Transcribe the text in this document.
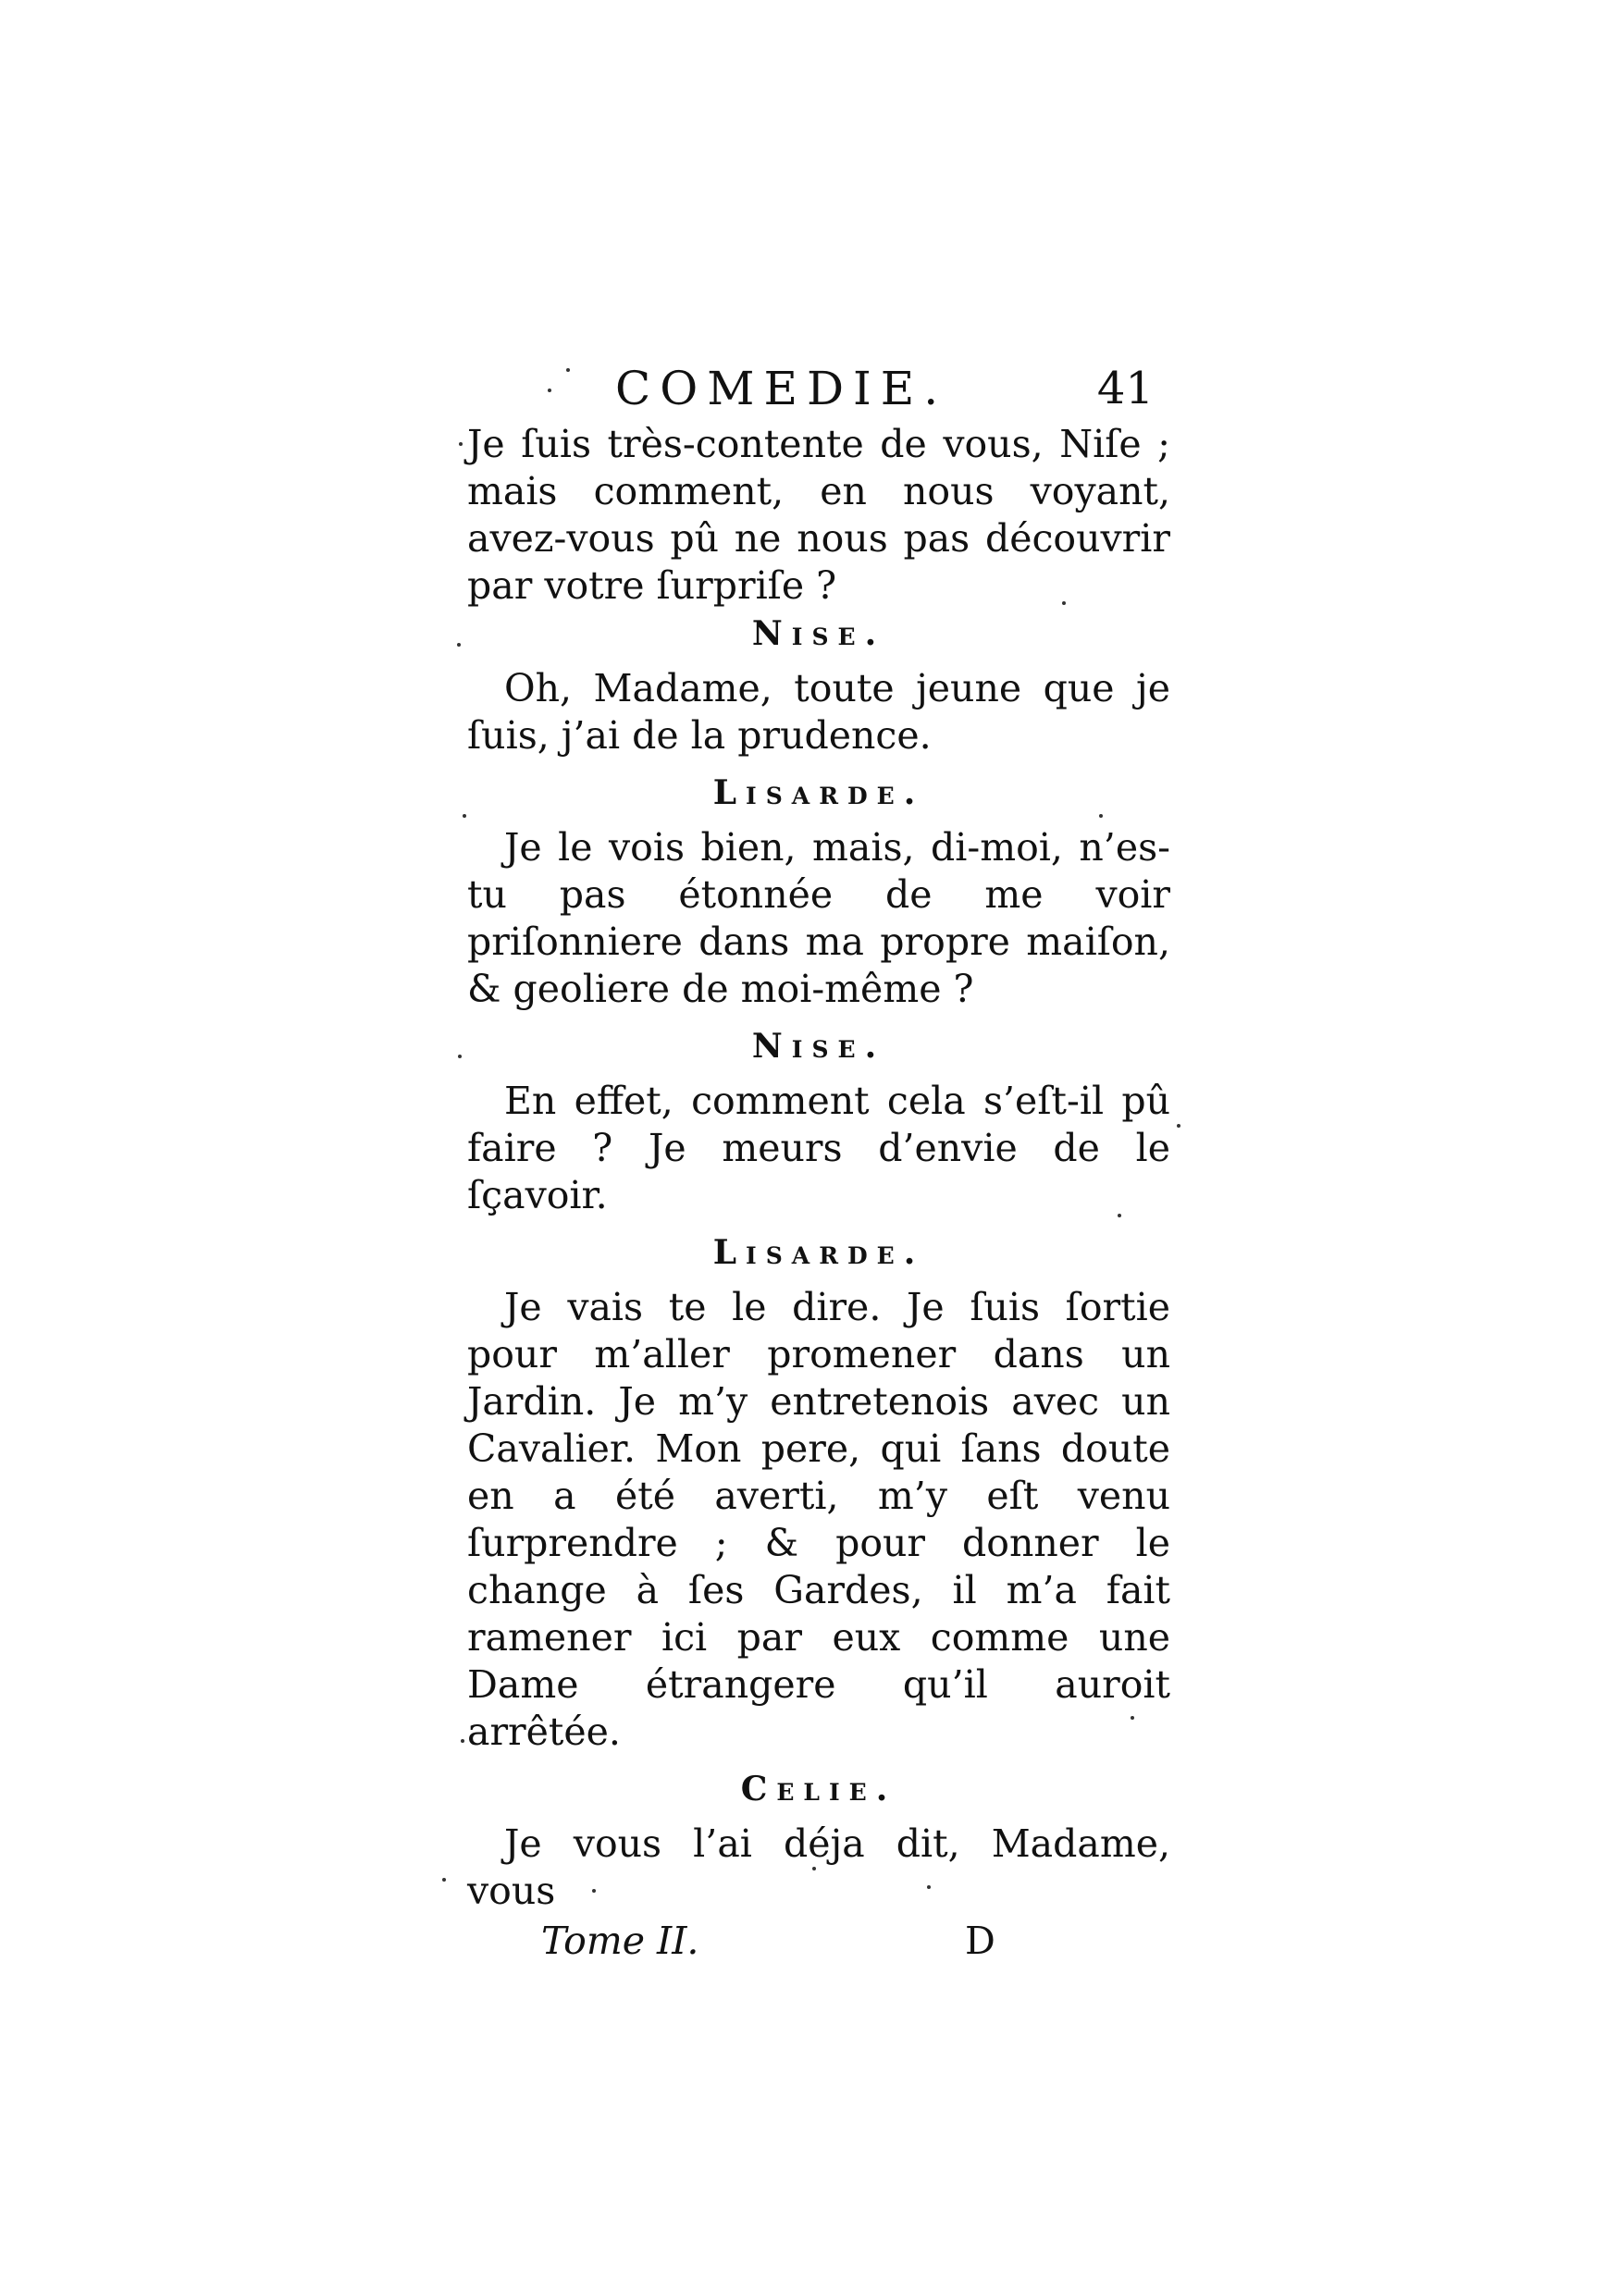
COMEDIE.	41

Je ſuis très-contente de vous, Niſe ; mais comment, en nous voyant, avez-vous pû ne nous pas découvrir par votre ſurpriſe ?

Nise.

Oh, Madame, toute jeune que je ſuis, j’ai de la prudence.

Lisarde.

Je le vois bien, mais, di-moi, n’es-tu pas étonnée de me voir priſonniere dans ma propre maiſon, & geoliere de moi-même ?

Nise.

En effet, comment cela s’eſt-il pû faire ? Je meurs d’envie de le ſçavoir.

Lisarde.

Je vais te le dire. Je ſuis ſortie pour m’aller promener dans un Jardin. Je m’y entretenois avec un Cavalier. Mon pere, qui ſans doute en a été averti, m’y eſt venu ſurprendre ; & pour donner le change à ſes Gardes, il m’a fait ramener ici par eux comme une Dame étrangere qu’il auroit arrêtée.

Celie.

Je vous l’ai déja dit, Madame, vous

Tome II.	D
